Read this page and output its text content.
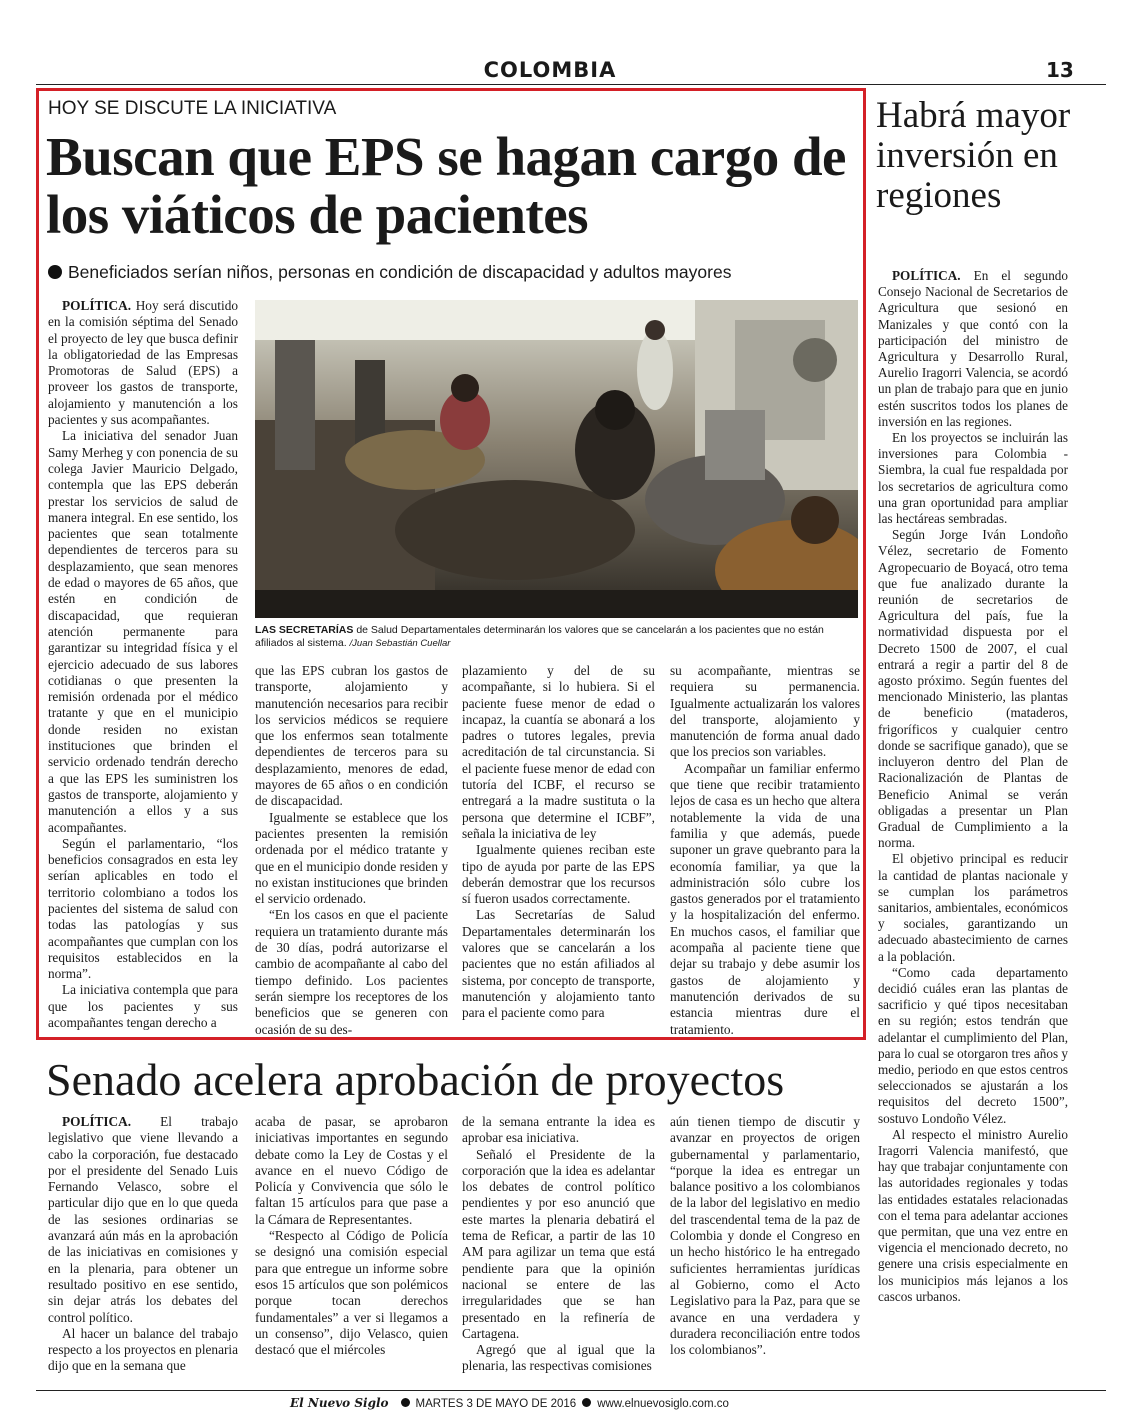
COLOMBIA	13
HOY SE DISCUTE LA INICIATIVA
Buscan que EPS se hagan cargo de los viáticos de pacientes
Beneficiados serían niños, personas en condición de discapacidad y adultos mayores

POLÍTICA. Hoy será discutido en la comisión séptima del Senado el proyecto de ley que busca definir la obligatoriedad de las Empresas Promotoras de Salud (EPS) a proveer los gastos de transporte, alojamiento y manutención a los pacientes y sus acompañantes.

La iniciativa del senador Juan Samy Merheg y con ponencia de su colega Javier Mauricio Delgado, contempla que las EPS deberán prestar los servicios de salud de manera integral. En ese sentido, los pacientes que sean totalmente dependientes de terceros para su desplazamiento, que sean menores de edad o mayores de 65 años, que estén en condición de discapacidad, que requieran atención permanente para garantizar su integridad física y el ejercicio adecuado de sus labores cotidianas o que presenten la remisión ordenada por el médico tratante y que en el municipio donde residen no existan instituciones que brinden el servicio ordenado tendrán derecho a que las EPS les suministren los gastos de transporte, alojamiento y manutención a ellos y a sus acompañantes.

Según el parlamentario, “los beneficios consagrados en esta ley serían aplicables en todo el territorio colombiano a todos los pacientes del sistema de salud con todas las patologías y sus acompañantes que cumplan con los requisitos establecidos en la norma”.

La iniciativa contempla que para que los pacientes y sus acompañantes tengan derecho a

LAS SECRETARÍAS de Salud Departamentales determinarán los valores que se cancelarán a los pacientes que no están afiliados al sistema. /Juan Sebastián Cuellar

que las EPS cubran los gastos de transporte, alojamiento y manutención necesarios para recibir los servicios médicos se requiere que los enfermos sean totalmente dependientes de terceros para su desplazamiento, menores de edad, mayores de 65 años o en condición de discapacidad.

Igualmente se establece que los pacientes presenten la remisión ordenada por el médico tratante y que en el municipio donde residen y no existan instituciones que brinden el servicio ordenado.

“En los casos en que el paciente requiera un tratamiento durante más de 30 días, podrá autorizarse el cambio de acompañante al cabo del tiempo definido. Los pacientes serán siempre los receptores de los beneficios que se generen con ocasión de su des-

plazamiento y del de su acompañante, si lo hubiera. Si el paciente fuese menor de edad o incapaz, la cuantía se abonará a los padres o tutores legales, previa acreditación de tal circunstancia. Si el paciente fuese menor de edad con tutoría del ICBF, el recurso se entregará a la madre sustituta o la persona que determine el ICBF”, señala la iniciativa de ley

Igualmente quienes reciban este tipo de ayuda por parte de las EPS deberán demostrar que los recursos sí fueron usados correctamente.

Las Secretarías de Salud Departamentales determinarán los valores que se cancelarán a los pacientes que no están afiliados al sistema, por concepto de transporte, manutención y alojamiento tanto para el paciente como para

su acompañante, mientras se requiera su permanencia. Igualmente actualizarán los valores del transporte, alojamiento y manutención de forma anual dado que los precios son variables.

Acompañar un familiar enfermo que tiene que recibir tratamiento lejos de casa es un hecho que altera notablemente la vida de una familia y que además, puede suponer un grave quebranto para la economía familiar, ya que la administración sólo cubre los gastos generados por el tratamiento y la hospitalización del enfermo. En muchos casos, el familiar que acompaña al paciente tiene que dejar su trabajo y debe asumir los gastos de alojamiento y manutención derivados de su estancia mientras dure el tratamiento.

Habrá mayor inversión en regiones

POLÍTICA. En el segundo Consejo Nacional de Secretarios de Agricultura que sesionó en Manizales y que contó con la participación del ministro de Agricultura y Desarrollo Rural, Aurelio Iragorri Valencia, se acordó un plan de trabajo para que en junio estén suscritos todos los planes de inversión en las regiones.

En los proyectos se incluirán las inversiones para Colombia - Siembra, la cual fue respaldada por los secretarios de agricultura como una gran oportunidad para ampliar las hectáreas sembradas.

Según Jorge Iván Londoño Vélez, secretario de Fomento Agropecuario de Boyacá, otro tema que fue analizado durante la reunión de secretarios de Agricultura del país, fue la normatividad dispuesta por el Decreto 1500 de 2007, el cual entrará a regir a partir del 8 de agosto próximo. Según fuentes del mencionado Ministerio, las plantas de beneficio (mataderos, frigoríficos y cualquier centro donde se sacrifique ganado), que se incluyeron dentro del Plan de Racionalización de Plantas de Beneficio Animal se verán obligadas a presentar un Plan Gradual de Cumplimiento a la norma.

El objetivo principal es reducir la cantidad de plantas nacionale y se cumplan los parámetros sanitarios, ambientales, económicos y sociales, garantizando un adecuado abastecimiento de carnes a la población.

“Como cada departamento decidió cuáles eran las plantas de sacrificio y qué tipos necesitaban en su región; estos tendrán que adelantar el cumplimiento del Plan, para lo cual se otorgaron tres años y medio, periodo en que estos centros seleccionados se ajustarán a los requisitos del decreto 1500”, sostuvo Londoño Vélez.

Al respecto el ministro Aurelio Iragorri Valencia manifestó, que hay que trabajar conjuntamente con las autoridades regionales y todas las entidades estatales relacionadas con el tema para adelantar acciones que permitan, que una vez entre en vigencia el mencionado decreto, no genere una crisis especialmente en los municipios más lejanos a los cascos urbanos.

Senado acelera aprobación de proyectos

POLÍTICA. El trabajo legislativo que viene llevando a cabo la corporación, fue destacado por el presidente del Senado Luis Fernando Velasco, sobre el particular dijo que en lo que queda de las sesiones ordinarias se avanzará aún más en la aprobación de las iniciativas en comisiones y en la plenaria, para obtener un resultado positivo en ese sentido, sin dejar atrás los debates del control político.

Al hacer un balance del trabajo respecto a los proyectos en plenaria dijo que en la semana que

acaba de pasar, se aprobaron iniciativas importantes en segundo debate como la Ley de Costas y el avance en el nuevo Código de Policía y Convivencia que sólo le faltan 15 artículos para que pase a la Cámara de Representantes.

“Respecto al Código de Policía se designó una comisión especial para que entregue un informe sobre esos 15 artículos que son polémicos porque tocan derechos fundamentales” a ver si llegamos a un consenso”, dijo Velasco, quien destacó que el miércoles

de la semana entrante la idea es aprobar esa iniciativa.

Señaló el Presidente de la corporación que la idea es adelantar los debates de control político pendientes y por eso anunció que este martes la plenaria debatirá el tema de Reficar, a partir de las 10 AM para agilizar un tema que está pendiente para que la opinión nacional se entere de las irregularidades que se han presentado en la refinería de Cartagena.

Agregó que al igual que la plenaria, las respectivas comisiones

aún tienen tiempo de discutir y avanzar en proyectos de origen gubernamental y parlamentario, “porque la idea es entregar un balance positivo a los colombianos de la labor del legislativo en medio del trascendental tema de la paz de Colombia y donde el Congreso en un hecho histórico le ha entregado suficientes herramientas jurídicas al Gobierno, como el Acto Legislativo para la Paz, para que se avance en una verdadera y duradera reconciliación entre todos los colombianos”.

El Nuevo Siglo MARTES 3 DE MAYO DE 2016 www.elnuevosiglo.com.co
